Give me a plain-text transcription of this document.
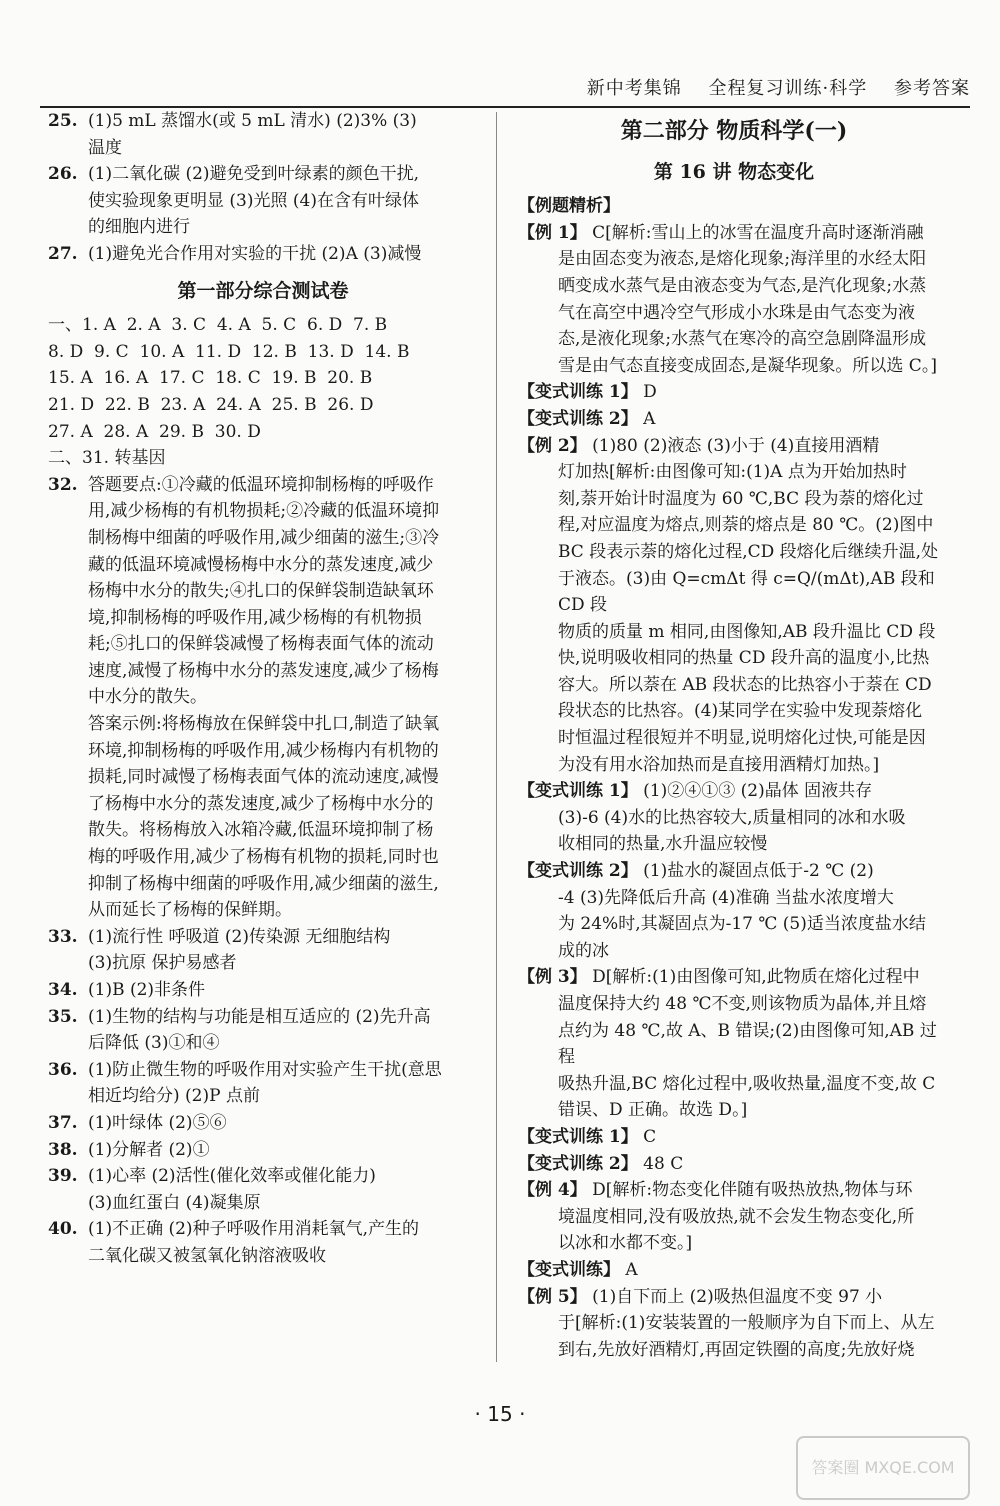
新中考集锦 全程复习训练·科学 参考答案
25. (1)5 mL 蒸馏水(或 5 mL 清水) (2)3% (3)
温度
26. (1)二氧化碳 (2)避免受到叶绿素的颜色干扰,
使实验现象更明显 (3)光照 (4)在含有叶绿体
的细胞内进行
27. (1)避免光合作用对实验的干扰 (2)A (3)减慢
第一部分综合测试卷
一、1. A  2. A  3. C  4. A  5. C  6. D  7. B
8. D  9. C  10. A  11. D  12. B  13. D  14. B
15. A  16. A  17. C  18. C  19. B  20. B
21. D  22. B  23. A  24. A  25. B  26. D
27. A  28. A  29. B  30. D
二、31. 转基因
32. 答题要点:①冷藏的低温环境抑制杨梅的呼吸作
用,减少杨梅的有机物损耗;②冷藏的低温环境抑
制杨梅中细菌的呼吸作用,减少细菌的滋生;③冷
藏的低温环境减慢杨梅中水分的蒸发速度,减少
杨梅中水分的散失;④扎口的保鲜袋制造缺氧环
境,抑制杨梅的呼吸作用,减少杨梅的有机物损
耗;⑤扎口的保鲜袋减慢了杨梅表面气体的流动
速度,减慢了杨梅中水分的蒸发速度,减少了杨梅
中水分的散失。
答案示例:将杨梅放在保鲜袋中扎口,制造了缺氧
环境,抑制杨梅的呼吸作用,减少杨梅内有机物的
损耗,同时减慢了杨梅表面气体的流动速度,减慢
了杨梅中水分的蒸发速度,减少了杨梅中水分的
散失。将杨梅放入冰箱冷藏,低温环境抑制了杨
梅的呼吸作用,减少了杨梅有机物的损耗,同时也
抑制了杨梅中细菌的呼吸作用,减少细菌的滋生,
从而延长了杨梅的保鲜期。
33. (1)流行性 呼吸道 (2)传染源 无细胞结构
(3)抗原 保护易感者
34. (1)B (2)非条件
35. (1)生物的结构与功能是相互适应的 (2)先升高
后降低 (3)①和④
36. (1)防止微生物的呼吸作用对实验产生干扰(意思
相近均给分) (2)P 点前
37. (1)叶绿体 (2)⑤⑥
38. (1)分解者 (2)①
39. (1)心率 (2)活性(催化效率或催化能力)
(3)血红蛋白 (4)凝集原
40. (1)不正确 (2)种子呼吸作用消耗氧气,产生的
二氧化碳又被氢氧化钠溶液吸收
第二部分 物质科学(一)
第 16 讲 物态变化
【例题精析】
【例 1】 C[解析:雪山上的冰雪在温度升高时逐渐消融
是由固态变为液态,是熔化现象;海洋里的水经太阳
晒变成水蒸气是由液态变为气态,是汽化现象;水蒸
气在高空中遇冷空气形成小水珠是由气态变为液
态,是液化现象;水蒸气在寒冷的高空急剧降温形成
雪是由气态直接变成固态,是凝华现象。所以选 C。]
【变式训练 1】 D
【变式训练 2】 A
【例 2】 (1)80 (2)液态 (3)小于 (4)直接用酒精
灯加热[解析:由图像可知:(1)A 点为开始加热时
刻,萘开始计时温度为 60 ℃,BC 段为萘的熔化过
程,对应温度为熔点,则萘的熔点是 80 ℃。(2)图中
BC 段表示萘的熔化过程,CD 段熔化后继续升温,处
于液态。(3)由 Q=cmΔt 得 c=Q/(mΔt),AB 段和 CD 段
物质的质量 m 相同,由图像知,AB 段升温比 CD 段
快,说明吸收相同的热量 CD 段升高的温度小,比热
容大。所以萘在 AB 段状态的比热容小于萘在 CD
段状态的比热容。(4)某同学在实验中发现萘熔化
时恒温过程很短并不明显,说明熔化过快,可能是因
为没有用水浴加热而是直接用酒精灯加热。]
【变式训练 1】 (1)②④①③ (2)晶体 固液共存
(3)-6 (4)水的比热容较大,质量相同的冰和水吸
收相同的热量,水升温应较慢
【变式训练 2】 (1)盐水的凝固点低于-2 ℃ (2)
-4 (3)先降低后升高 (4)准确 当盐水浓度增大
为 24%时,其凝固点为-17 ℃ (5)适当浓度盐水结
成的冰
【例 3】 D[解析:(1)由图像可知,此物质在熔化过程中
温度保持大约 48 ℃不变,则该物质为晶体,并且熔
点约为 48 ℃,故 A、B 错误;(2)由图像可知,AB 过程
吸热升温,BC 熔化过程中,吸收热量,温度不变,故 C
错误、D 正确。故选 D。]
【变式训练 1】 C
【变式训练 2】 48 C
【例 4】 D[解析:物态变化伴随有吸热放热,物体与环
境温度相同,没有吸放热,就不会发生物态变化,所
以冰和水都不变。]
【变式训练】 A
【例 5】 (1)自下而上 (2)吸热但温度不变 97 小
于[解析:(1)安装装置的一般顺序为自下而上、从左
到右,先放好酒精灯,再固定铁圈的高度;先放好烧
· 15 ·
答案圈 MXQE.COM
